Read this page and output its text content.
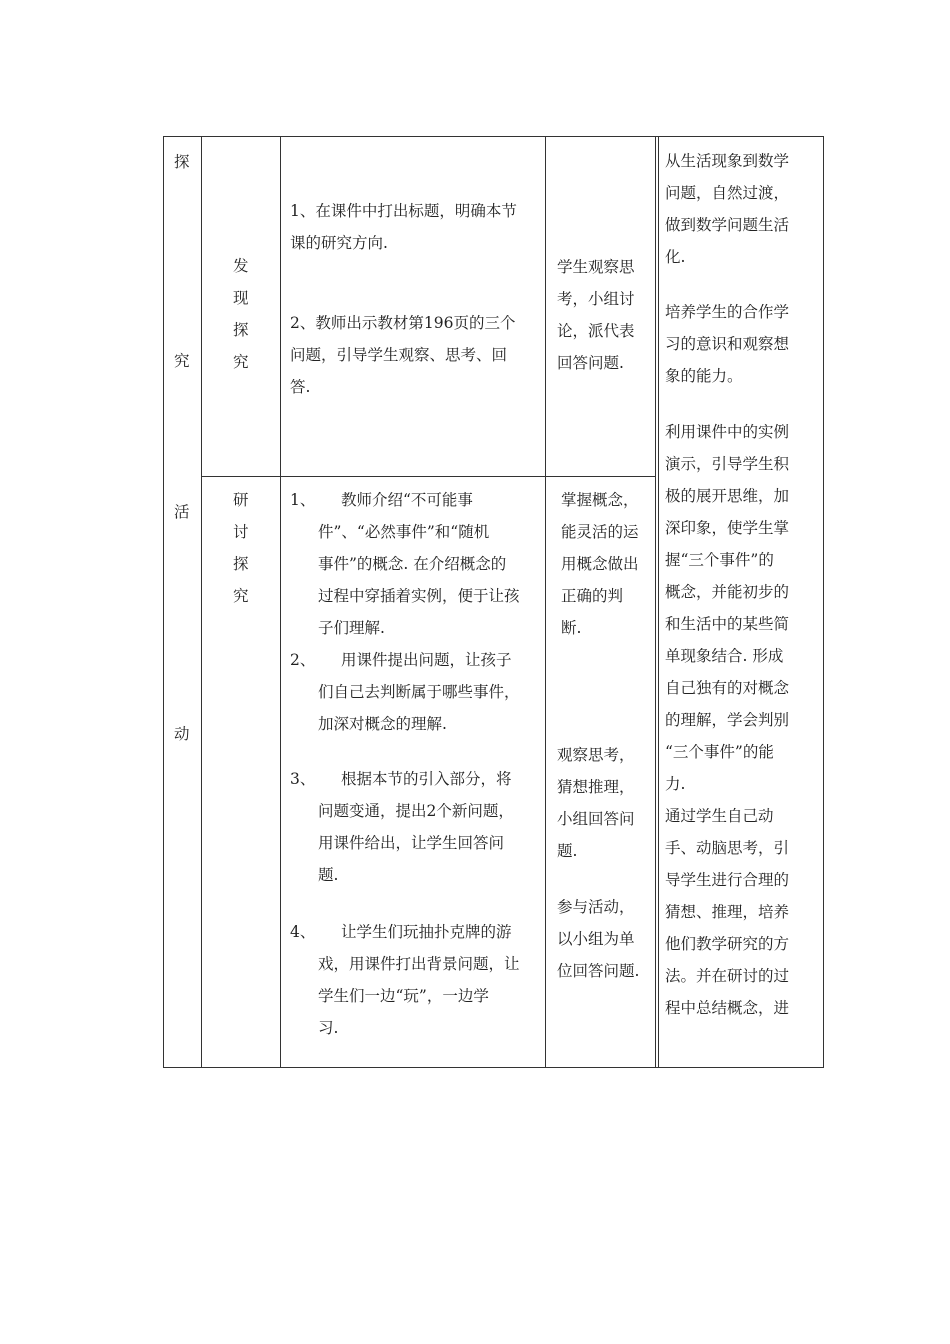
探
究
活
动
发
现
探
究
1、在课件中打出标题，明确本节
课的研究方向.
2、教师出示教材第196页的三个
问题，引导学生观察、思考、回
答.
学生观察思
考，小组讨
论，派代表
回答问题.
研
讨
探
究
1、 教师介绍“不可能事
件”、“必然事件”和“随机
事件”的概念. 在介绍概念的
过程中穿插着实例，便于让孩
子们理解.
2、 用课件提出问题，让孩子
们自己去判断属于哪些事件，
加深对概念的理解.
3、 根据本节的引入部分，将
问题变通，提出2个新问题，
用课件给出，让学生回答问
题.
4、 让学生们玩抽扑克牌的游
戏，用课件打出背景问题，让
学生们一边“玩”，一边学
习.
掌握概念，
能灵活的运
用概念做出
正确的判
断.
观察思考，
猜想推理，
小组回答问
题.
参与活动，
以小组为单
位回答问题.
从生活现象到数学
问题，自然过渡，
做到数学问题生活
化.
培养学生的合作学
习的意识和观察想
象的能力。
利用课件中的实例
演示，引导学生积
极的展开思维，加
深印象，使学生掌
握“三个事件”的
概念，并能初步的
和生活中的某些简
单现象结合. 形成
自己独有的对概念
的理解，学会判别
“三个事件”的能
力.
通过学生自己动
手、动脑思考，引
导学生进行合理的
猜想、推理，培养
他们教学研究的方
法。并在研讨的过
程中总结概念，进
